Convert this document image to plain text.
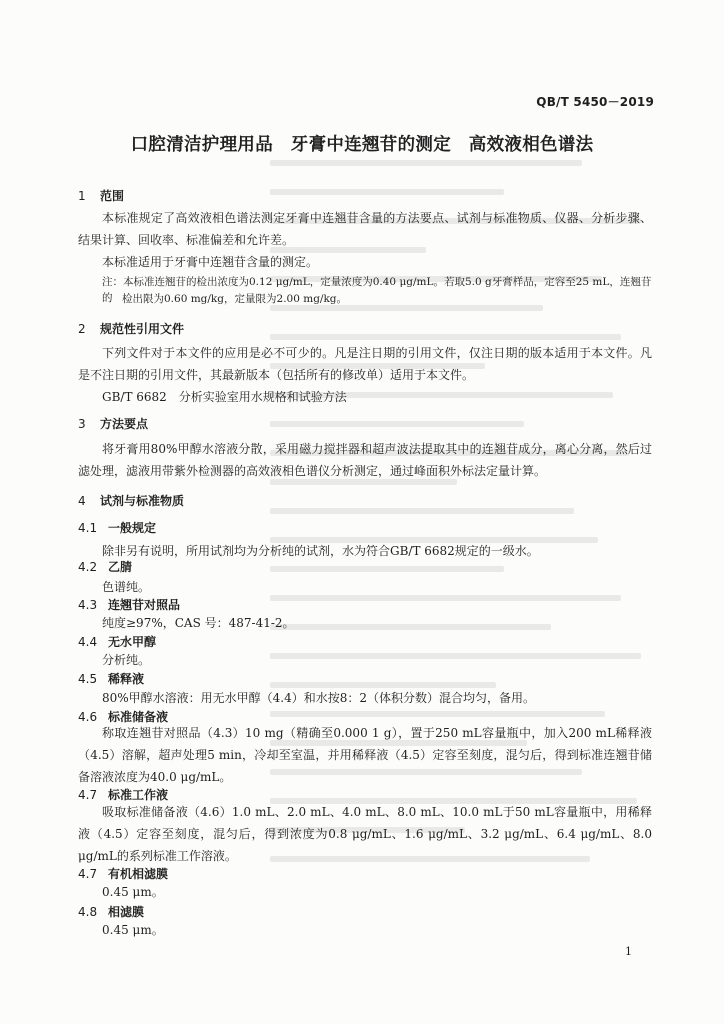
QB/T 5450－2019
口腔清洁护理用品　牙膏中连翘苷的测定　高效液相色谱法
1 范围
本标准规定了高效液相色谱法测定牙膏中连翘苷含量的方法要点、试剂与标准物质、仪器、分析步骤、结果计算、回收率、标准偏差和允许差。
本标准适用于牙膏中连翘苷含量的测定。
注：本标准连翘苷的检出浓度为0.12 μg/mL，定量浓度为0.40 μg/mL。若取5.0 g牙膏样品，定容至25 mL，连翘苷的 检出限为0.60 mg/kg，定量限为2.00 mg/kg。
2 规范性引用文件
下列文件对于本文件的应用是必不可少的。凡是注日期的引用文件，仅注日期的版本适用于本文件。凡是不注日期的引用文件，其最新版本（包括所有的修改单）适用于本文件。
GB/T 6682　分析实验室用水规格和试验方法
3 方法要点
将牙膏用80%甲醇水溶液分散，采用磁力搅拌器和超声波法提取其中的连翘苷成分，离心分离，然后过滤处理，滤液用带紫外检测器的高效液相色谱仪分析测定，通过峰面积外标法定量计算。
4 试剂与标准物质
4.1 一般规定
除非另有说明，所用试剂均为分析纯的试剂，水为符合GB/T 6682规定的一级水。
4.2 乙腈
色谱纯。
4.3 连翘苷对照品
纯度≥97%，CAS 号：487-41-2。
4.4 无水甲醇
分析纯。
4.5 稀释液
80%甲醇水溶液：用无水甲醇（4.4）和水按8：2（体积分数）混合均匀，备用。
4.6 标准储备液
称取连翘苷对照品（4.3）10 mg（精确至0.000 1 g），置于250 mL容量瓶中，加入200 mL稀释液（4.5）溶解，超声处理5 min，冷却至室温，并用稀释液（4.5）定容至刻度，混匀后，得到标准连翘苷储备溶液浓度为40.0 μg/mL。
4.7 标准工作液
吸取标准储备液（4.6）1.0 mL、2.0 mL、4.0 mL、8.0 mL、10.0 mL于50 mL容量瓶中，用稀释液（4.5）定容至刻度，混匀后，得到浓度为0.8 μg/mL、1.6 μg/mL、3.2 μg/mL、6.4 μg/mL、8.0 μg/mL的系列标准工作溶液。
4.7 有机相滤膜
0.45 μm。
4.8 相滤膜
0.45 μm。
1
